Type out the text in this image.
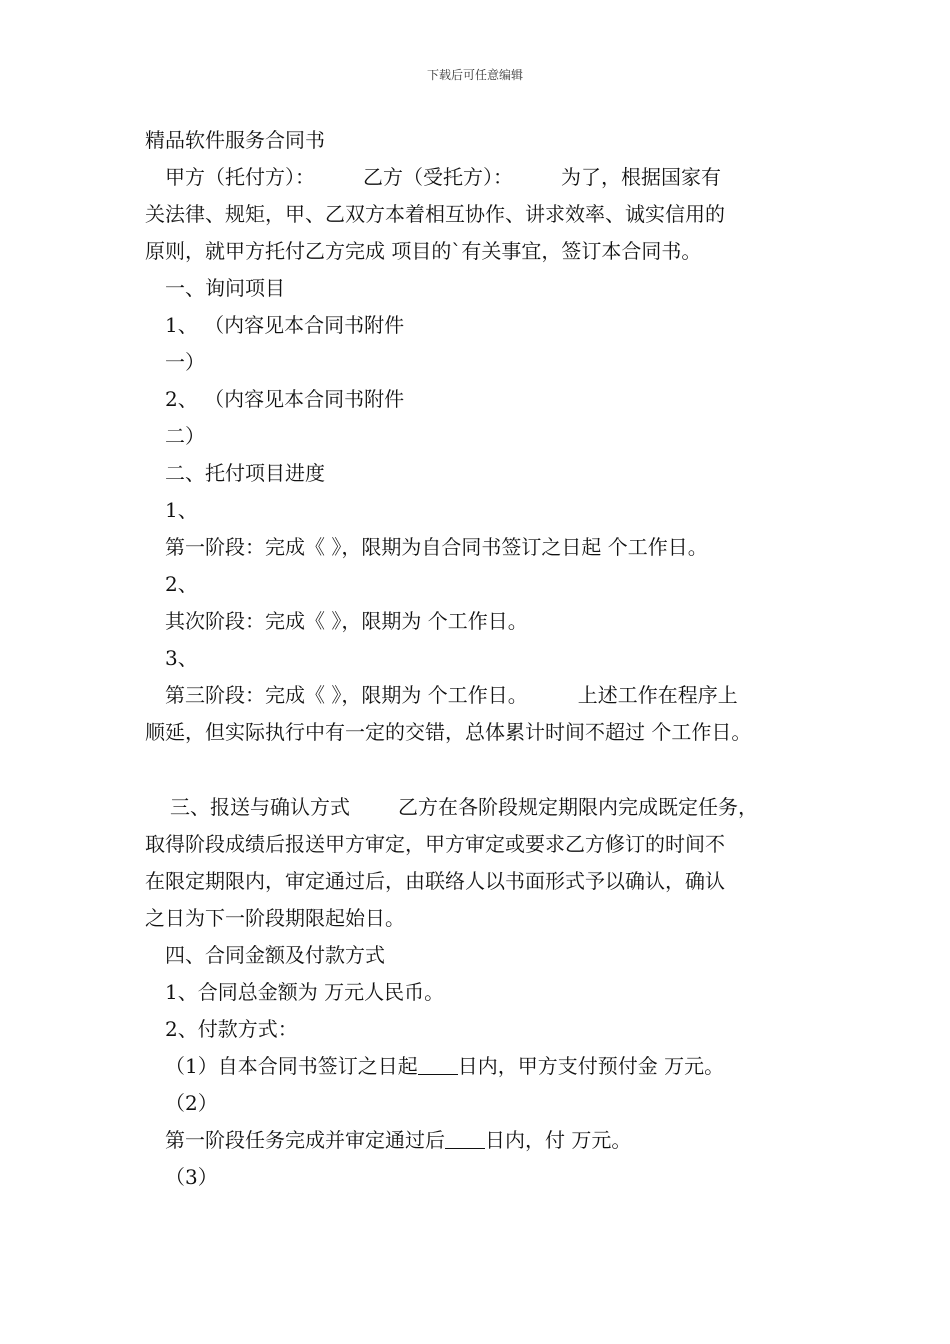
下载后可任意编辑
精品软件服务合同书
甲方（托付方）： 乙方（受托方）： 为了，根据国家有
关法律、规矩，甲、乙双方本着相互协作、讲求效率、诚实信用的
原则，就甲方托付乙方完成 项目的`有关事宜，签订本合同书。
一、询问项目
1、 （内容见本合同书附件
一）
2、 （内容见本合同书附件
二）
二、托付项目进度
1、
第一阶段：完成《 》，限期为自合同书签订之日起 个工作日。
2、
其次阶段：完成《 》，限期为 个工作日。
3、
第三阶段：完成《 》，限期为 个工作日。	上述工作在程序上
顺延，但实际执行中有一定的交错，总体累计时间不超过 个工作日。
三、报送与确认方式 乙方在各阶段规定期限内完成既定任务，
取得阶段成绩后报送甲方审定，甲方审定或要求乙方修订的时间不
在限定期限内，审定通过后，由联络人以书面形式予以确认，确认
之日为下一阶段期限起始日。
四、合同金额及付款方式
1、合同总金额为 万元人民币。
2、付款方式：
（1）自本合同书签订之日起 日内，甲方支付预付金 万元。
（2）
第一阶段任务完成并审定通过后 日内，付 万元。
（3）
